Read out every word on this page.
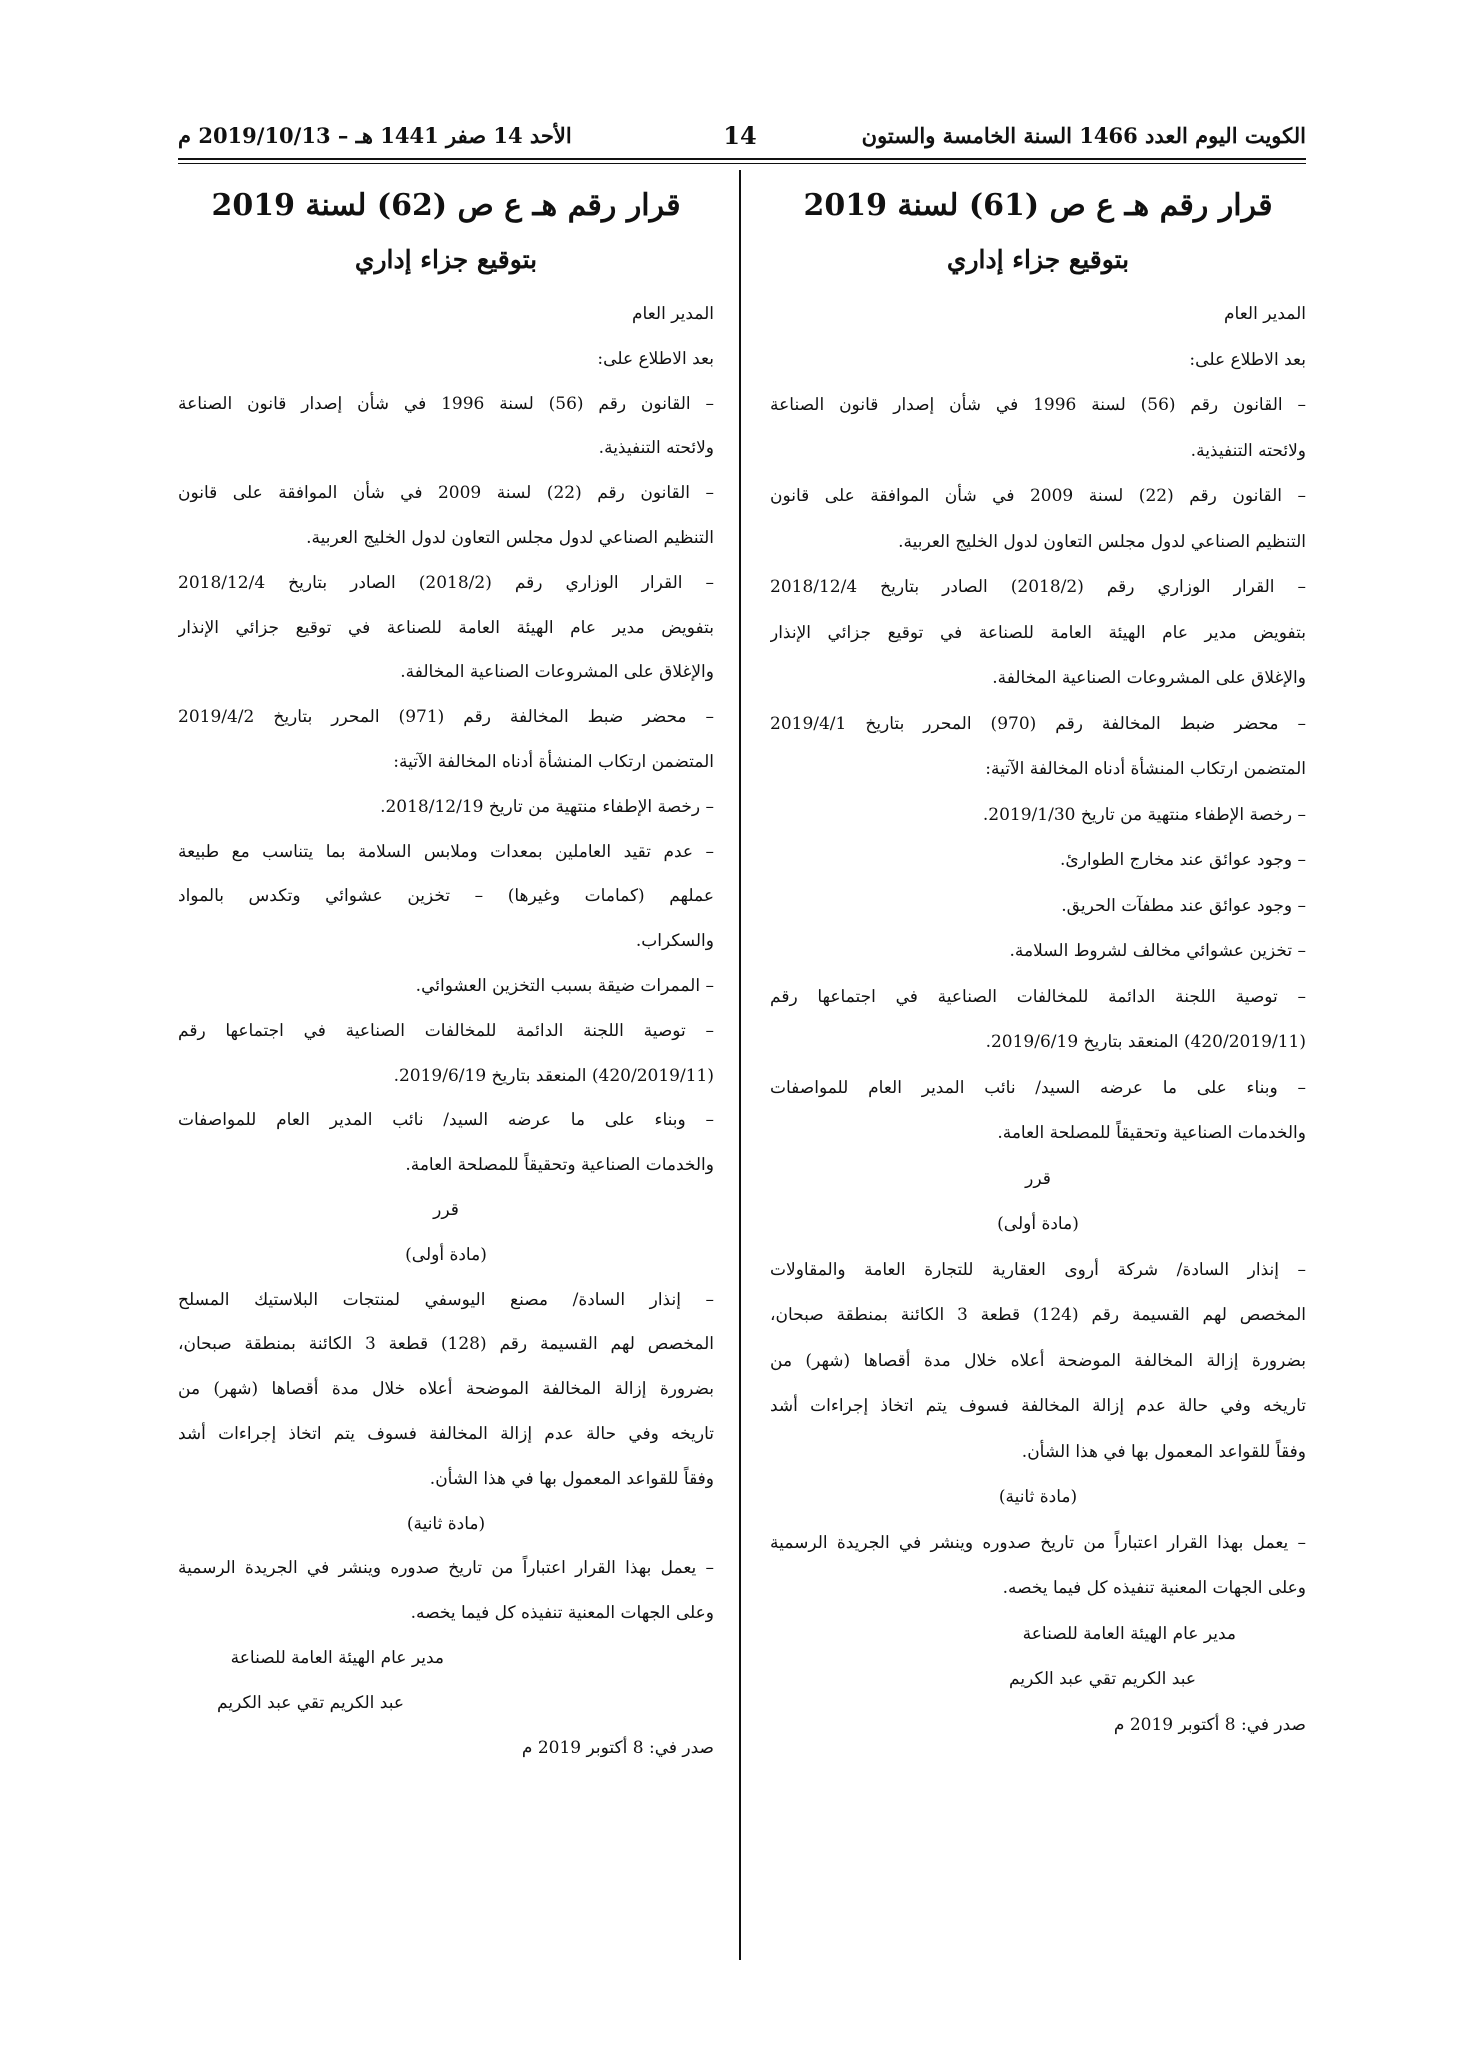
الكويت اليوم العدد 1466 السنة الخامسة والستون
14
الأحد 14 صفر 1441 هـ – 2019/10/13 م
قرار رقم هـ ع ص (61) لسنة 2019
بتوقيع جزاء إداري
المدير العام
بعد الاطلاع على:
– القانون رقم (56) لسنة 1996 في شأن إصدار قانون الصناعة
ولائحته التنفيذية.
– القانون رقم (22) لسنة 2009 في شأن الموافقة على قانون
التنظيم الصناعي لدول مجلس التعاون لدول الخليج العربية.
– القرار الوزاري رقم (2018/2) الصادر بتاريخ 2018/12/4
بتفويض مدير عام الهيئة العامة للصناعة في توقيع جزائي الإنذار
والإغلاق على المشروعات الصناعية المخالفة.
– محضر ضبط المخالفة رقم (970) المحرر بتاريخ 2019/4/1
المتضمن ارتكاب المنشأة أدناه المخالفة الآتية:
– رخصة الإطفاء منتهية من تاريخ 2019/1/30.
– وجود عوائق عند مخارج الطوارئ.
– وجود عوائق عند مطفآت الحريق.
– تخزين عشوائي مخالف لشروط السلامة.
– توصية اللجنة الدائمة للمخالفات الصناعية في اجتماعها رقم
(420/2019/11) المنعقد بتاريخ 2019/6/19.
– وبناء على ما عرضه السيد/ نائب المدير العام للمواصفات
والخدمات الصناعية وتحقيقاً للمصلحة العامة.
قرر
(مادة أولى)
– إنذار السادة/ شركة أروى العقارية للتجارة العامة والمقاولات
المخصص لهم القسيمة رقم (124) قطعة 3 الكائنة بمنطقة صبحان،
بضرورة إزالة المخالفة الموضحة أعلاه خلال مدة أقصاها (شهر) من
تاريخه وفي حالة عدم إزالة المخالفة فسوف يتم اتخاذ إجراءات أشد
وفقاً للقواعد المعمول بها في هذا الشأن.
(مادة ثانية)
– يعمل بهذا القرار اعتباراً من تاريخ صدوره وينشر في الجريدة الرسمية
وعلى الجهات المعنية تنفيذه كل فيما يخصه.
مدير عام الهيئة العامة للصناعة
عبد الكريم تقي عبد الكريم
صدر في: 8 أكتوبر 2019 م
قرار رقم هـ ع ص (62) لسنة 2019
بتوقيع جزاء إداري
المدير العام
بعد الاطلاع على:
– القانون رقم (56) لسنة 1996 في شأن إصدار قانون الصناعة
ولائحته التنفيذية.
– القانون رقم (22) لسنة 2009 في شأن الموافقة على قانون
التنظيم الصناعي لدول مجلس التعاون لدول الخليج العربية.
– القرار الوزاري رقم (2018/2) الصادر بتاريخ 2018/12/4
بتفويض مدير عام الهيئة العامة للصناعة في توقيع جزائي الإنذار
والإغلاق على المشروعات الصناعية المخالفة.
– محضر ضبط المخالفة رقم (971) المحرر بتاريخ 2019/4/2
المتضمن ارتكاب المنشأة أدناه المخالفة الآتية:
– رخصة الإطفاء منتهية من تاريخ 2018/12/19.
– عدم تقيد العاملين بمعدات وملابس السلامة بما يتناسب مع طبيعة
عملهم (كمامات وغيرها) – تخزين عشوائي وتكدس بالمواد
والسكراب.
– الممرات ضيقة بسبب التخزين العشوائي.
– توصية اللجنة الدائمة للمخالفات الصناعية في اجتماعها رقم
(420/2019/11) المنعقد بتاريخ 2019/6/19.
– وبناء على ما عرضه السيد/ نائب المدير العام للمواصفات
والخدمات الصناعية وتحقيقاً للمصلحة العامة.
قرر
(مادة أولى)
– إنذار السادة/ مصنع اليوسفي لمنتجات البلاستيك المسلح
المخصص لهم القسيمة رقم (128) قطعة 3 الكائنة بمنطقة صبحان،
بضرورة إزالة المخالفة الموضحة أعلاه خلال مدة أقصاها (شهر) من
تاريخه وفي حالة عدم إزالة المخالفة فسوف يتم اتخاذ إجراءات أشد
وفقاً للقواعد المعمول بها في هذا الشأن.
(مادة ثانية)
– يعمل بهذا القرار اعتباراً من تاريخ صدوره وينشر في الجريدة الرسمية
وعلى الجهات المعنية تنفيذه كل فيما يخصه.
مدير عام الهيئة العامة للصناعة
عبد الكريم تقي عبد الكريم
صدر في: 8 أكتوبر 2019 م
